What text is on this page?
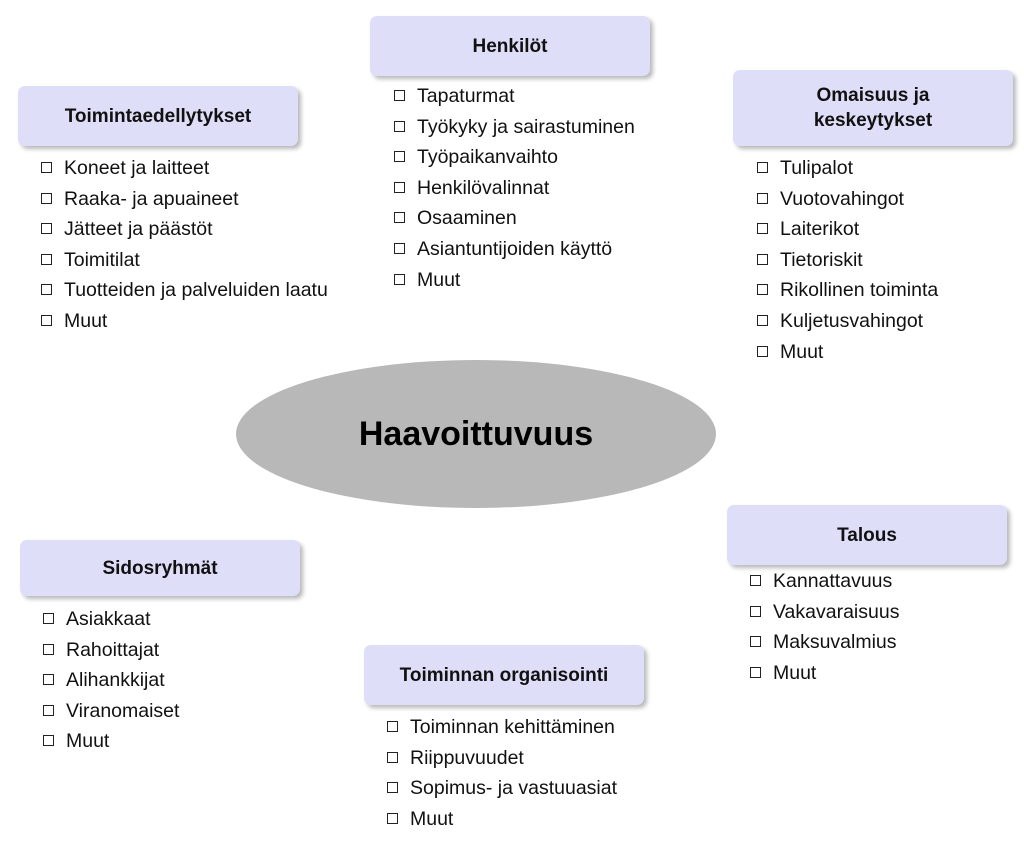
Haavoittuvuus
Toimintaedellytykset
Koneet ja laitteet
Raaka- ja apuaineet
Jätteet ja päästöt
Toimitilat
Tuotteiden ja palveluiden laatu
Muut
Henkilöt
Tapaturmat
Työkyky ja sairastuminen
Työpaikanvaihto
Henkilövalinnat
Osaaminen
Asiantuntijoiden käyttö
Muut
Omaisuus ja
keskeytykset
Tulipalot
Vuotovahingot
Laiterikot
Tietoriskit
Rikollinen toiminta
Kuljetusvahingot
Muut
Sidosryhmät
Asiakkaat
Rahoittajat
Alihankkijat
Viranomaiset
Muut
Toiminnan organisointi
Toiminnan kehittäminen
Riippuvuudet
Sopimus- ja vastuuasiat
Muut
Talous
Kannattavuus
Vakavaraisuus
Maksuvalmius
Muut
